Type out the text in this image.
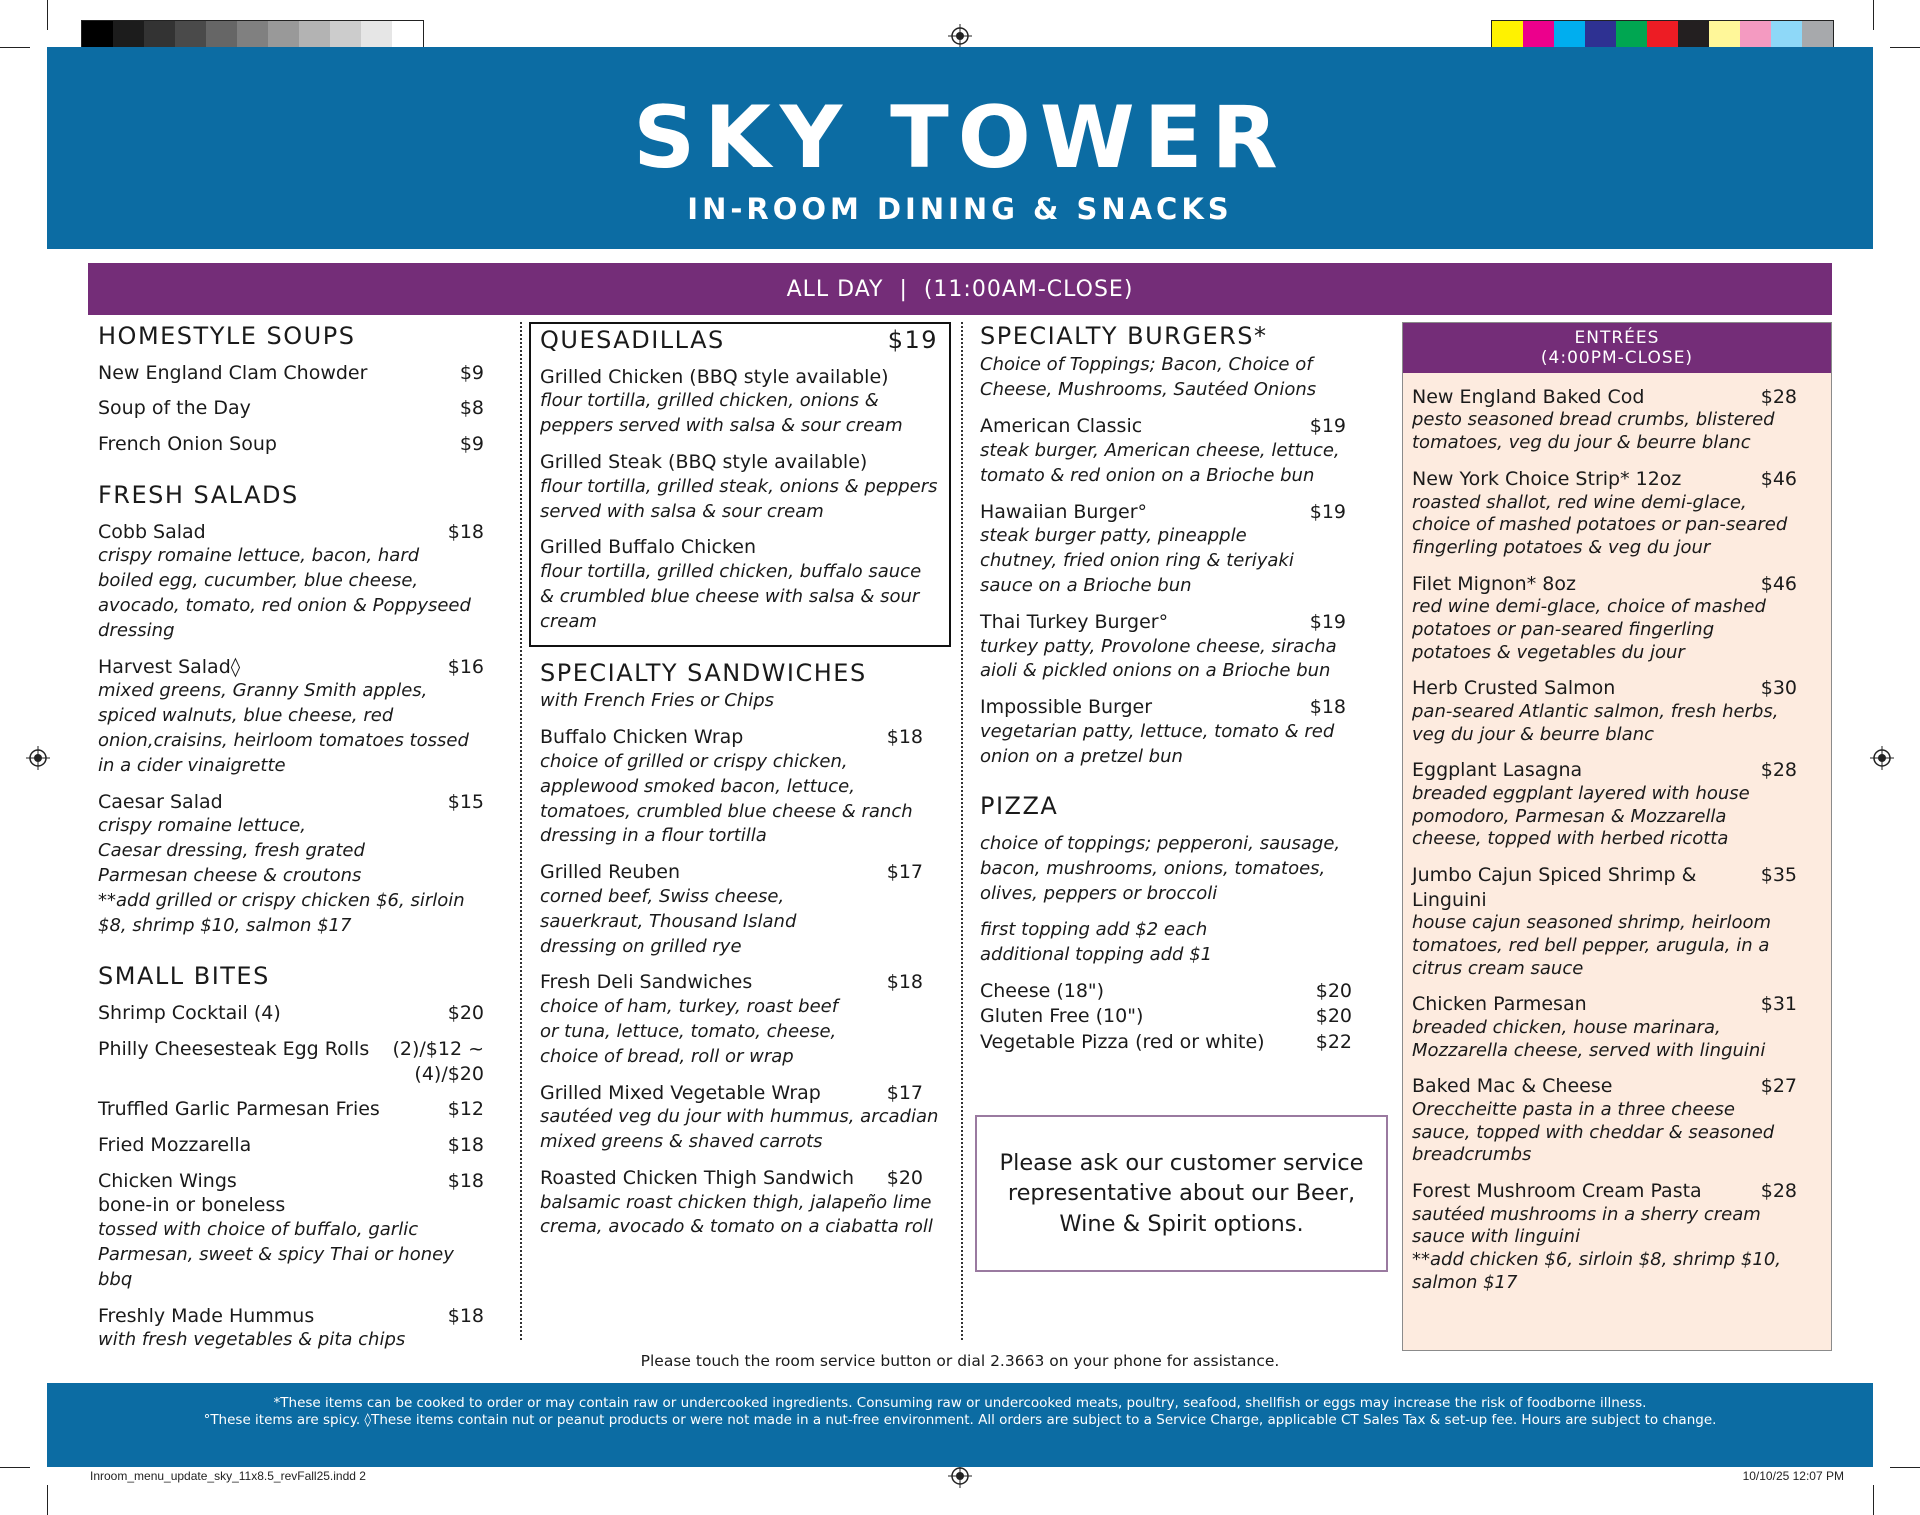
SKY TOWER
IN-ROOM DINING & SNACKS
ALL DAY  |  (11:00AM-CLOSE)
HOMESTYLE SOUPS
New England Clam Chowder	$9
Soup of the Day	$8
French Onion Soup	$9
FRESH SALADS
Cobb Salad	$18

crispy romaine lettuce, bacon, hard boiled egg, cucumber, blue cheese, avocado, tomato, red onion & Poppyseed dressing

Harvest Salad◊	$16

mixed greens, Granny Smith apples, spiced walnuts, blue cheese, red onion,craisins, heirloom tomatoes tossed in a cider vinaigrette

Caesar Salad	$15

crispy romaine lettuce, Caesar dressing, fresh grated Parmesan cheese & croutons

**add grilled or crispy chicken $6, sirloin $8, shrimp $10, salmon $17

SMALL BITES
Shrimp Cocktail (4)	$20
Philly Cheesesteak Egg Rolls	(2)/$12 ~
(4)/$20
Truffled Garlic Parmesan Fries	$12
Fried Mozzarella	$18
Chicken Wings	$18

bone-in or boneless

tossed with choice of buffalo, garlic Parmesan, sweet & spicy Thai or honey bbq

Freshly Made Hummus	$18

with fresh vegetables & pita chips

QUESADILLAS	$19
Grilled Chicken (BBQ style available)

flour tortilla, grilled chicken, onions & peppers served with salsa & sour cream

Grilled Steak (BBQ style available)

flour tortilla, grilled steak, onions & peppers served with salsa & sour cream

Grilled Buffalo Chicken

flour tortilla, grilled chicken, buffalo sauce & crumbled blue cheese with salsa & sour cream

SPECIALTY SANDWICHES

with French Fries or Chips

Buffalo Chicken Wrap	$18

choice of grilled or crispy chicken, applewood smoked bacon, lettuce, tomatoes, crumbled blue cheese & ranch dressing in a flour tortilla

Grilled Reuben	$17

corned beef, Swiss cheese, sauerkraut, Thousand Island dressing on grilled rye

Fresh Deli Sandwiches	$18

choice of ham, turkey, roast beef or tuna, lettuce, tomato, cheese, choice of bread, roll or wrap

Grilled Mixed Vegetable Wrap	$17

sautéed veg du jour with hummus, arcadian mixed greens & shaved carrots

Roasted Chicken Thigh Sandwich	$20

balsamic roast chicken thigh, jalapeño lime crema, avocado & tomato on a ciabatta roll

SPECIALTY BURGERS*

Choice of Toppings; Bacon, Choice of Cheese, Mushrooms, Sautéed Onions

American Classic	$19

steak burger, American cheese, lettuce, tomato & red onion on a Brioche bun

Hawaiian Burger°	$19

steak burger patty, pineapple chutney, fried onion ring & teriyaki sauce on a Brioche bun

Thai Turkey Burger°	$19

turkey patty, Provolone cheese, siracha aioli & pickled onions on a Brioche bun

Impossible Burger	$18

vegetarian patty, lettuce, tomato & red onion on a pretzel bun

PIZZA

choice of toppings; pepperoni, sausage, bacon, mushrooms, onions, tomatoes, olives, peppers or broccoli

first topping add $2 each additional topping add $1

Cheese (18")	$20
Gluten Free (10")	$20
Vegetable Pizza (red or white)	$22
Please ask our customer service representative about our Beer, Wine & Spirit options.
ENTRÉES
(4:00PM-CLOSE)
New England Baked Cod	$28

pesto seasoned bread crumbs, blistered tomatoes, veg du jour & beurre blanc

New York Choice Strip* 12oz	$46

roasted shallot, red wine demi-glace, choice of mashed potatoes or pan-seared fingerling potatoes & veg du jour

Filet Mignon* 8oz	$46

red wine demi-glace, choice of mashed potatoes or pan-seared fingerling potatoes & vegetables du jour

Herb Crusted Salmon	$30

pan-seared Atlantic salmon, fresh herbs, veg du jour & beurre blanc

Eggplant Lasagna	$28

breaded eggplant layered with house pomodoro, Parmesan & Mozzarella cheese, topped with herbed ricotta

Jumbo Cajun Spiced Shrimp & Linguini
$35

house cajun seasoned shrimp, heirloom tomatoes, red bell pepper, arugula, in a citrus cream sauce

Chicken Parmesan	$31

breaded chicken, house marinara, Mozzarella cheese, served with linguini

Baked Mac & Cheese	$27

Oreccheitte pasta in a three cheese sauce, topped with cheddar & seasoned breadcrumbs

Forest Mushroom Cream Pasta	$28

sautéed mushrooms in a sherry cream sauce with linguini

**add chicken $6, sirloin $8, shrimp $10, salmon $17

Please touch the room service button or dial 2.3663 on your phone for assistance.
*These items can be cooked to order or may contain raw or undercooked ingredients. Consuming raw or undercooked meats, poultry, seafood, shellfish or eggs may increase the risk of foodborne illness.
°These items are spicy. ◊These items contain nut or peanut products or were not made in a nut-free environment. All orders are subject to a Service Charge, applicable CT Sales Tax & set-up fee. Hours are subject to change.
Inroom_menu_update_sky_11x8.5_revFall25.indd 2	10/10/25 12:07 PM
